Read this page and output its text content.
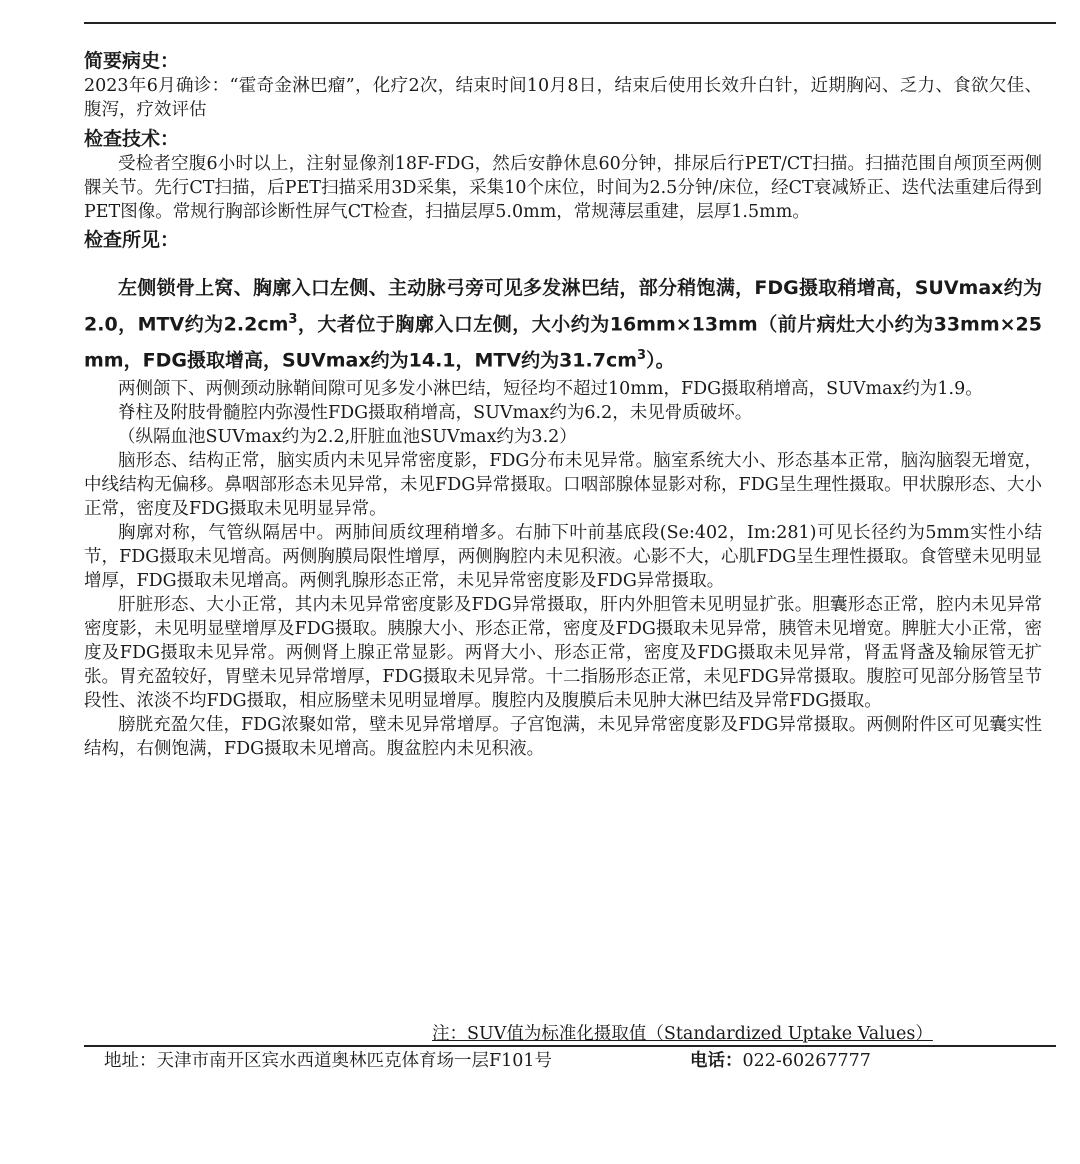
简要病史：

2023年6月确诊：“霍奇金淋巴瘤”，化疗2次，结束时间10月8日，结束后使用长效升白针，近期胸闷、乏力、食欲欠佳、腹泻，疗效评估

检查技术：

受检者空腹6小时以上，注射显像剂18F-FDG，然后安静休息60分钟，排尿后行PET/CT扫描。扫描范围自颅顶至两侧髁关节。先行CT扫描，后PET扫描采用3D采集，采集10个床位，时间为2.5分钟/床位，经CT衰减矫正、迭代法重建后得到PET图像。常规行胸部诊断性屏气CT检查，扫描层厚5.0mm，常规薄层重建，层厚1.5mm。

检查所见：

左侧锁骨上窝、胸廓入口左侧、主动脉弓旁可见多发淋巴结，部分稍饱满，FDG摄取稍增高，SUVmax约为2.0，MTV约为$2.2cm^3$，大者位于胸廓入口左侧，大小约为16mm×13mm（前片病灶大小约为33mm×25mm，FDG摄取增高，SUVmax约为14.1，MTV约为$31.7cm^3$）。

两侧颌下、两侧颈动脉鞘间隙可见多发小淋巴结，短径均不超过10mm，FDG摄取稍增高，SUVmax约为1.9。

脊柱及附肢骨髓腔内弥漫性FDG摄取稍增高，SUVmax约为6.2，未见骨质破坏。

（纵隔血池SUVmax约为2.2,肝脏血池SUVmax约为3.2）

脑形态、结构正常，脑实质内未见异常密度影，FDG分布未见异常。脑室系统大小、形态基本正常，脑沟脑裂无增宽，中线结构无偏移。鼻咽部形态未见异常，未见FDG异常摄取。口咽部腺体显影对称，FDG呈生理性摄取。甲状腺形态、大小正常，密度及FDG摄取未见明显异常。

胸廓对称，气管纵隔居中。两肺间质纹理稍增多。右肺下叶前基底段(Se:402，Im:281)可见长径约为5mm实性小结节，FDG摄取未见增高。两侧胸膜局限性增厚，两侧胸腔内未见积液。心影不大，心肌FDG呈生理性摄取。食管壁未见明显增厚，FDG摄取未见增高。两侧乳腺形态正常，未见异常密度影及FDG异常摄取。

肝脏形态、大小正常，其内未见异常密度影及FDG异常摄取，肝内外胆管未见明显扩张。胆囊形态正常，腔内未见异常密度影，未见明显壁增厚及FDG摄取。胰腺大小、形态正常，密度及FDG摄取未见异常，胰管未见增宽。脾脏大小正常，密度及FDG摄取未见异常。两侧肾上腺正常显影。两肾大小、形态正常，密度及FDG摄取未见异常，肾盂肾盏及输尿管无扩张。胃充盈较好，胃壁未见异常增厚，FDG摄取未见异常。十二指肠形态正常，未见FDG异常摄取。腹腔可见部分肠管呈节段性、浓淡不均FDG摄取，相应肠壁未见明显增厚。腹腔内及腹膜后未见肿大淋巴结及异常FDG摄取。

膀胱充盈欠佳，FDG浓聚如常，壁未见异常增厚。子宫饱满，未见异常密度影及FDG异常摄取。两侧附件区可见囊实性结构，右侧饱满，FDG摄取未见增高。腹盆腔内未见积液。

注：SUV值为标准化摄取值（Standardized Uptake Values）
地址：天津市南开区宾水西道奥林匹克体育场一层F101号	电话：022-60267777
